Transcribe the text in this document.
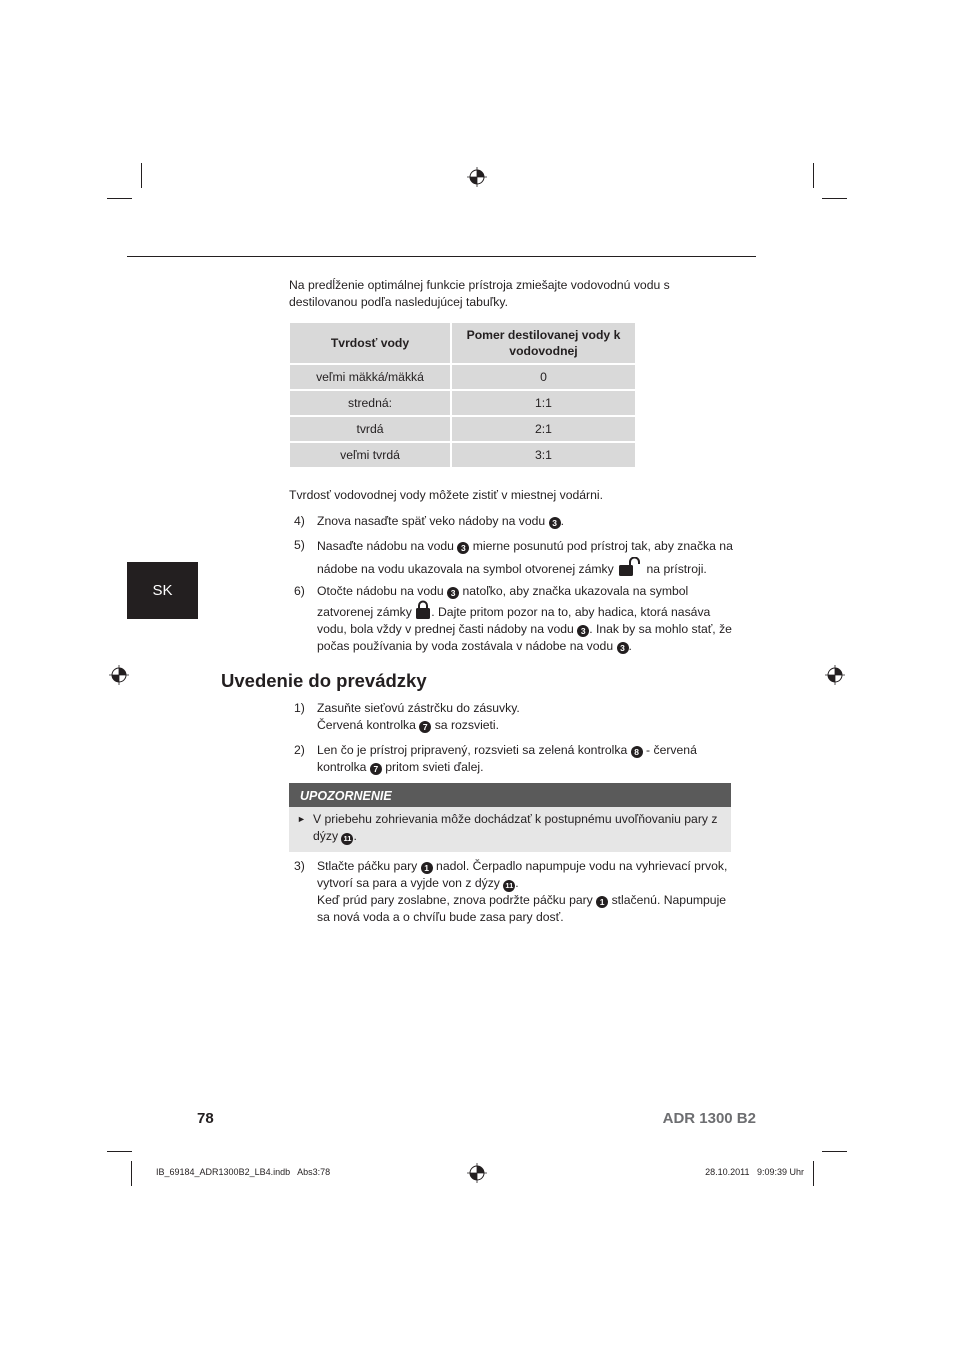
Na predĺženie optimálnej funkcie prístroja zmiešajte vodovodnú vodu s destilovanou podľa nasledujúcej tabuľky.
Tvrdosť vody	Pomer destilovanej vody k vodovodnej
veľmi mäkká/mäkká	0
stredná:	1:1
tvrdá	2:1
veľmi tvrdá	3:1
Tvrdosť vodovodnej vody môžete zistiť v miestnej vodárni.
4) Znova nasaďte späť veko nádoby na vodu 3 .
5) Nasaďte nádobu na vodu 3 mierne posunutú pod prístroj tak, aby značka na nádobe na vodu ukazovala na symbol otvorenej zámky	na prístroji.
6) Otočte nádobu na vodu 3 natoľko, aby značka ukazovala na symbol zatvorenej zámky . Dajte pritom pozor na to, aby hadica, ktorá nasáva vodu, bola vždy v prednej časti nádoby na vodu 3 . Inak by sa mohlo stať, že počas používania by voda zostávala v nádobe na vodu 3 .
SK
Uvedenie do prevádzky
1) Zasuňte sieťovú zástrčku do zásuvky.
Červená kontrolka 7 sa rozsvieti.
2) Len čo je prístroj pripravený, rozsvieti sa zelená kontrolka 8 - červená kontrolka 7 pritom svieti ďalej.
UPOZORNENIE
► V priebehu zohrievania môže dochádzať k postupnému uvoľňovaniu pary z dýzy 11 .
3) Stlačte páčku pary 1 nadol. Čerpadlo napumpuje vodu na vyhrievací prvok, vytvorí sa para a vyjde von z dýzy 11 .
Keď prúd pary zoslabne, znova podržte páčku pary 1 stlačenú. Napumpuje sa nová voda a o chvíľu bude zasa pary dosť.
78	ADR 1300 B2
IB_69184_ADR1300B2_LB4.indb   Abs3:78	28.10.2011   9:09:39 Uhr
